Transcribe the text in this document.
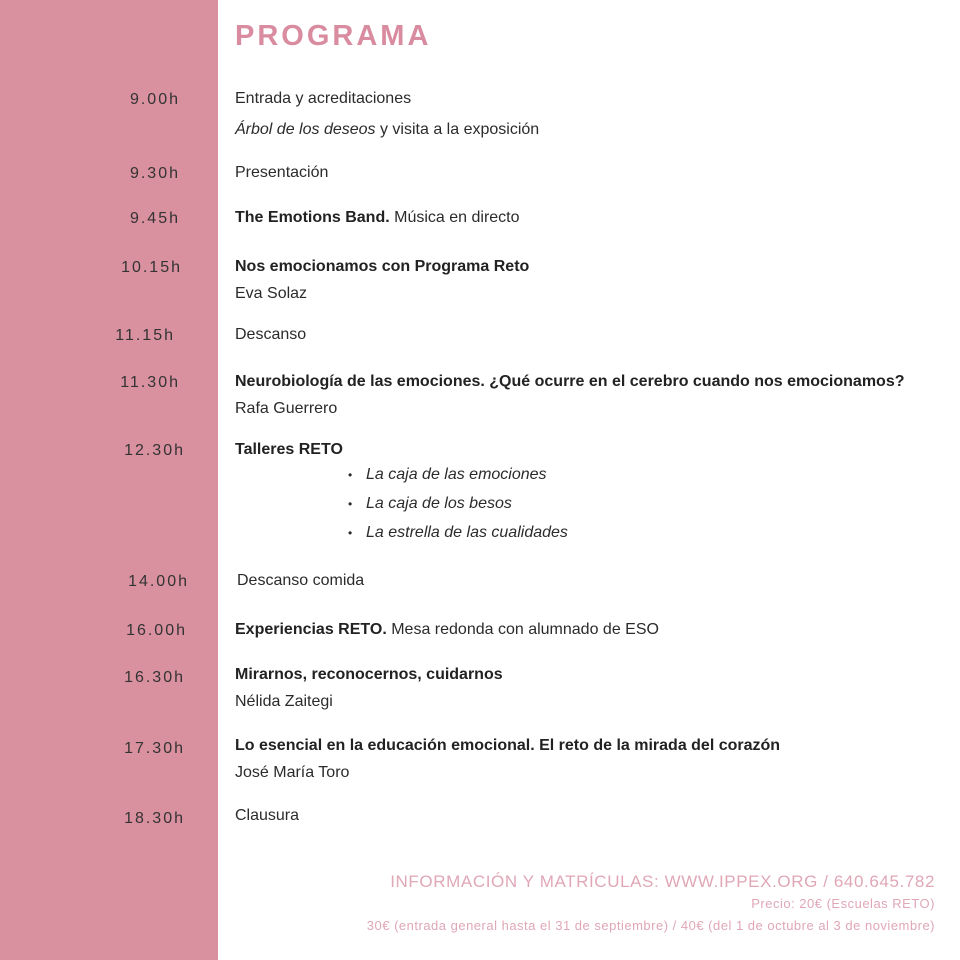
PROGRAMA
9.00h	Entrada y acreditaciones
Árbol de los deseos y visita a la exposición
9.30h	Presentación
9.45h	The Emotions Band. Música en directo
10.15h	Nos emocionamos con Programa Reto
Eva Solaz
11.15h	Descanso
11.30h	Neurobiología de las emociones. ¿Qué ocurre en el cerebro cuando nos emocionamos?
Rafa Guerrero
12.30h	Talleres RETO
• La caja de las emociones
• La caja de los besos
• La estrella de las cualidades
14.00h	Descanso comida
16.00h	Experiencias RETO. Mesa redonda con alumnado de ESO
16.30h	Mirarnos, reconocernos, cuidarnos
Nélida Zaitegi
17.30h	Lo esencial en la educación emocional. El reto de la mirada del corazón
José María Toro
18.30h	Clausura
INFORMACIÓN Y MATRÍCULAS: WWW.IPPEX.ORG / 640.645.782
Precio: 20€ (Escuelas RETO)
30€ (entrada general hasta el 31 de septiembre) / 40€ (del 1 de octubre al 3 de noviembre)
